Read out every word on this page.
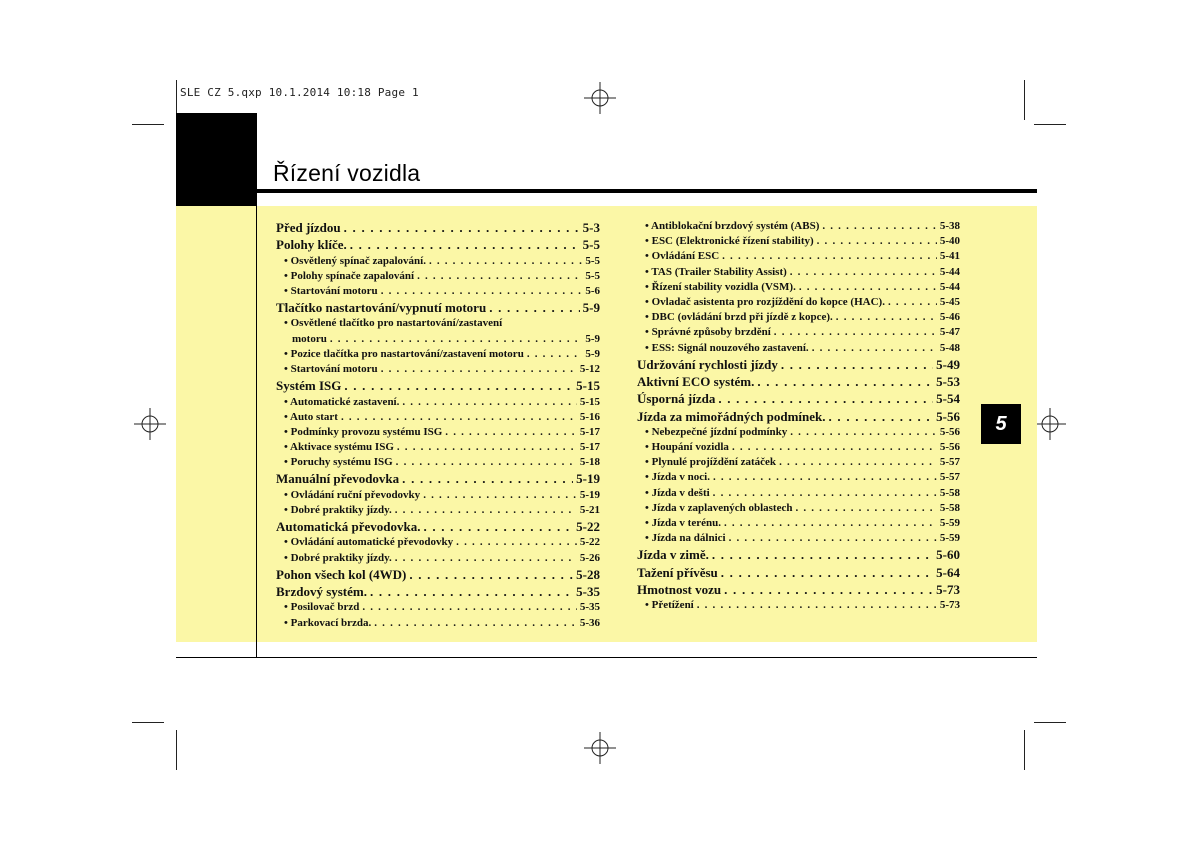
SLE CZ 5.qxp 10.1.2014 10:18 Page 1
Řízení vozidla
5
Před jízdou . . .	5-3
Polohy klíče. . . .	5-5
• Osvětlený spínač zapalování. . . .	5-5
• Polohy spínače zapalování . . .	5-5
• Startování motoru . . .	5-6
Tlačítko nastartování/vypnutí motoru . . .	5-9
• Osvětlené tlačítko pro nastartování/zastavení
motoru . . .	5-9
• Pozice tlačítka pro nastartování/zastavení motoru . . .	5-9
• Startování motoru . . .	5-12
Systém ISG . . .	5-15
• Automatické zastavení. . . .	5-15
• Auto start . . .	5-16
• Podmínky provozu systému ISG . . .	5-17
• Aktivace systému ISG . . .	5-17
• Poruchy systému ISG . . .	5-18
Manuální převodovka . . .	5-19
• Ovládání ruční převodovky . . .	5-19
• Dobré praktiky jízdy. . . .	5-21
Automatická převodovka. . . .	5-22
• Ovládání automatické převodovky . . .	5-22
• Dobré praktiky jízdy. . . .	5-26
Pohon všech kol (4WD) . . .	5-28
Brzdový systém. . . .	5-35
• Posilovač brzd . . .	5-35
• Parkovací brzda. . . .	5-36
• Antiblokační brzdový systém (ABS) . . .	5-38
• ESC (Elektronické řízení stability) . . .	5-40
• Ovládání ESC . . .	5-41
• TAS (Trailer Stability Assist) . . .	5-44
• Řízení stability vozidla (VSM). . . .	5-44
• Ovladač asistenta pro rozjíždění do kopce (HAC). . . .	5-45
• DBC (ovládání brzd při jízdě z kopce). . . .	5-46
• Správné způsoby brzdění . . .	5-47
• ESS: Signál nouzového zastavení. . . .	5-48
Udržování rychlosti jízdy . . .	5-49
Aktivní ECO systém. . . .	5-53
Úsporná jízda . . .	5-54
Jízda za mimořádných podmínek. . . .	5-56
• Nebezpečné jízdní podmínky . . .	5-56
• Houpání vozidla . . .	5-56
• Plynulé projíždění zatáček . . .	5-57
• Jízda v noci. . . .	5-57
• Jízda v dešti . . .	5-58
• Jízda v zaplavených oblastech . . .	5-58
• Jízda v terénu. . . .	5-59
• Jízda na dálnici . . .	5-59
Jízda v zimě. . . .	5-60
Tažení přívěsu . . .	5-64
Hmotnost vozu . . .	5-73
• Přetížení . . .	5-73
